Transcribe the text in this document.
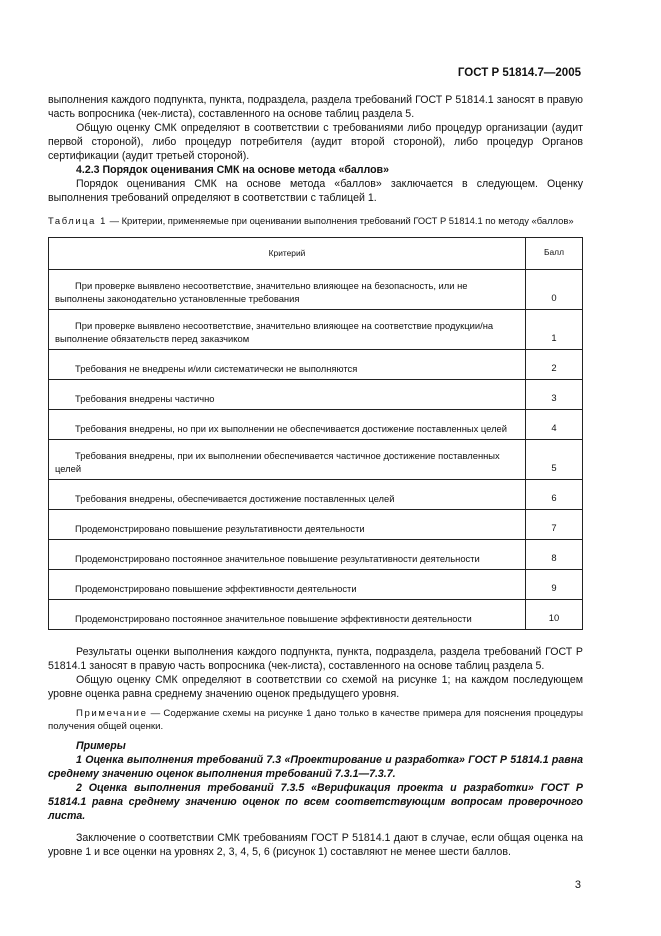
ГОСТ Р 51814.7—2005

выполнения каждого подпункта, пункта, подраздела, раздела требований ГОСТ Р 51814.1 заносят в правую часть вопросника (чек-листа), составленного на основе таблиц раздела 5.

Общую оценку СМК определяют в соответствии с требованиями либо процедур организации (аудит первой стороной), либо процедур потребителя (аудит второй стороной), либо процедур Органов сертификации (аудит третьей стороной).

4.2.3 Порядок оценивания СМК на основе метода «баллов»

Порядок оценивания СМК на основе метода «баллов» заключается в следующем. Оценку выполнения требований определяют в соответствии с таблицей 1.

Таблица 1 — Критерии, применяемые при оценивании выполнения требований ГОСТ Р 51814.1 по методу «баллов»

Критерий	Балл

При проверке выявлено несоответствие, значительно влияющее на безопасность, или не выполнены законодательно установленные требования	0

При проверке выявлено несоответствие, значительно влияющее на соответствие продукции/на выполнение обязательств перед заказчиком	1

Требования не внедрены и/или систематически не выполняются	2

Требования внедрены частично	3

Требования внедрены, но при их выполнении не обеспечивается достижение поставленных целей	4

Требования внедрены, при их выполнении обеспечивается частичное достижение поставленных целей	5

Требования внедрены, обеспечивается достижение поставленных целей	6

Продемонстрировано повышение результативности деятельности	7

Продемонстрировано постоянное значительное повышение результативности деятельности	8

Продемонстрировано повышение эффективности деятельности	9

Продемонстрировано постоянное значительное повышение эффективности деятельности	10

Результаты оценки выполнения каждого подпункта, пункта, подраздела, раздела требований ГОСТ Р 51814.1 заносят в правую часть вопросника (чек-листа), составленного на основе таблиц раздела 5.

Общую оценку СМК определяют в соответствии со схемой на рисунке 1; на каждом последующем уровне оценка равна среднему значению оценок предыдущего уровня.

Примечание — Содержание схемы на рисунке 1 дано только в качестве примера для пояснения процедуры получения общей оценки.

Примеры

1 Оценка выполнения требований 7.3 «Проектирование и разработка» ГОСТ Р 51814.1 равна среднему значению оценок выполнения требований 7.3.1—7.3.7.

2 Оценка выполнения требований 7.3.5 «Верификация проекта и разработки» ГОСТ Р 51814.1 равна среднему значению оценок по всем соответствующим вопросам проверочного листа.

Заключение о соответствии СМК требованиям ГОСТ Р 51814.1 дают в случае, если общая оценка на уровне 1 и все оценки на уровнях 2, 3, 4, 5, 6 (рисунок 1) составляют не менее шести баллов.

3
